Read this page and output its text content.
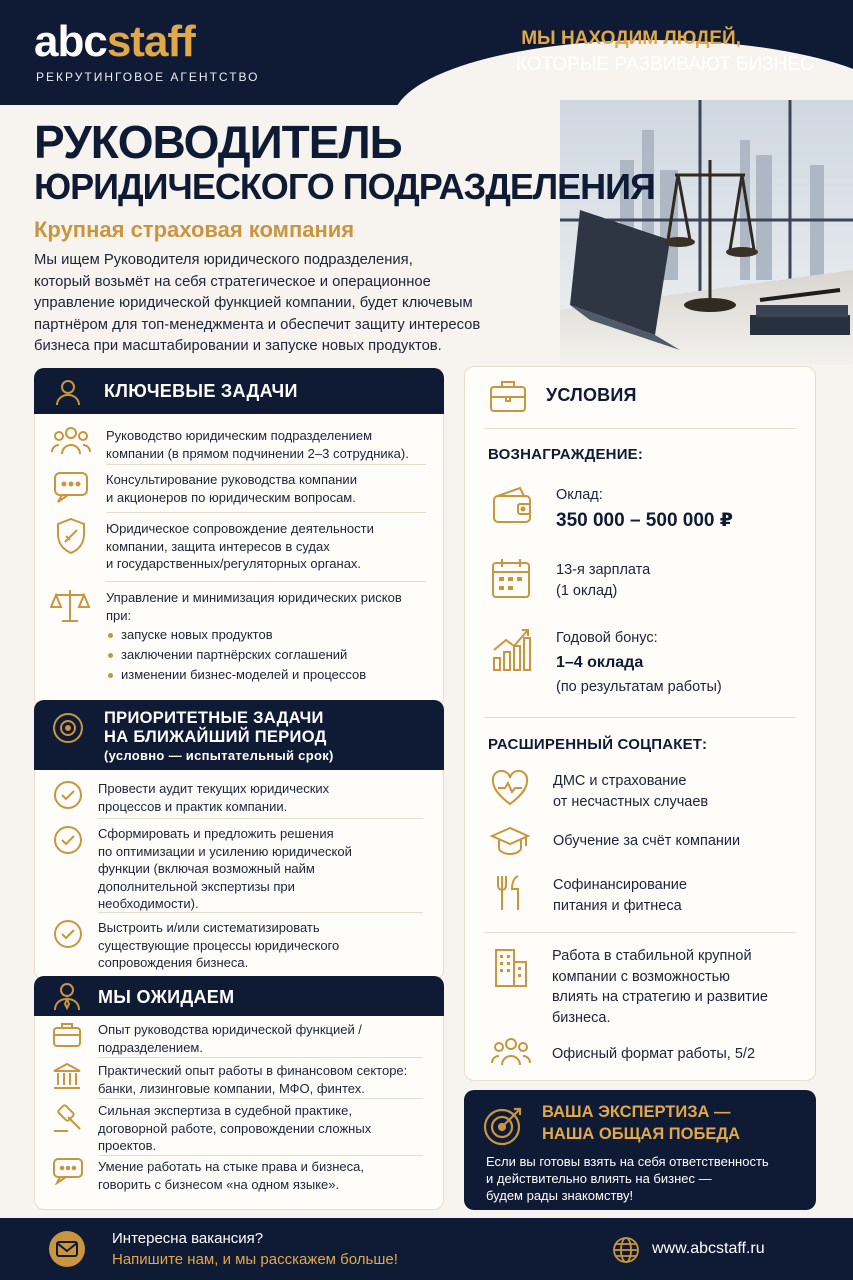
abcstaff
РЕКРУТИНГОВОЕ АГЕНТСТВО
МЫ НАХОДИМ ЛЮДЕЙ,
КОТОРЫЕ РАЗВИВАЮТ БИЗНЕС
РУКОВОДИТЕЛЬ
ЮРИДИЧЕСКОГО ПОДРАЗДЕЛЕНИЯ
Крупная страховая компания
Мы ищем Руководителя юридического подразделения,
который возьмёт на себя стратегическое и операционное
управление юридической функцией компании, будет ключевым
партнёром для топ-менеджмента и обеспечит защиту интересов
бизнеса при масштабировании и запуске новых продуктов.
КЛЮЧЕВЫЕ ЗАДАЧИ
Руководство юридическим подразделением
компании (в прямом подчинении 2–3 сотрудника).
Консультирование руководства компании
и акционеров по юридическим вопросам.
Юридическое сопровождение деятельности
компании, защита интересов в судах
и государственных/регуляторных органах.
Управление и минимизация юридических рисков
при:
запуске новых продуктов
заключении партнёрских соглашений
изменении бизнес-моделей и процессов
ПРИОРИТЕТНЫЕ ЗАДАЧИ
НА БЛИЖАЙШИЙ ПЕРИОД
(условно — испытательный срок)
Провести аудит текущих юридических
процессов и практик компании.
Сформировать и предложить решения
по оптимизации и усилению юридической
функции (включая возможный найм
дополнительной экспертизы при
необходимости).
Выстроить и/или систематизировать
существующие процессы юридического
сопровождения бизнеса.
МЫ ОЖИДАЕМ
Опыт руководства юридической функцией /
подразделением.
Практический опыт работы в финансовом секторе:
банки, лизинговые компании, МФО, финтех.
Сильная экспертиза в судебной практике,
договорной работе, сопровождении сложных
проектов.
Умение работать на стыке права и бизнеса,
говорить с бизнесом «на одном языке».
УСЛОВИЯ
ВОЗНАГРАЖДЕНИЕ:
Оклад:
350 000 – 500 000 ₽
13-я зарплата
(1 оклад)
Годовой бонус:
1–4 оклада
(по результатам работы)
РАСШИРЕННЫЙ СОЦПАКЕТ:
ДМС и страхование
от несчастных случаев
Обучение за счёт компании
Софинансирование
питания и фитнеса
Работа в стабильной крупной
компании с возможностью
влиять на стратегию и развитие
бизнеса.
Офисный формат работы, 5/2
ВАША ЭКСПЕРТИЗА —
НАША ОБЩАЯ ПОБЕДА
Если вы готовы взять на себя ответственность
и действительно влиять на бизнес —
будем рады знакомству!
Интересна вакансия?
Напишите нам, и мы расскажем больше!
www.abcstaff.ru
